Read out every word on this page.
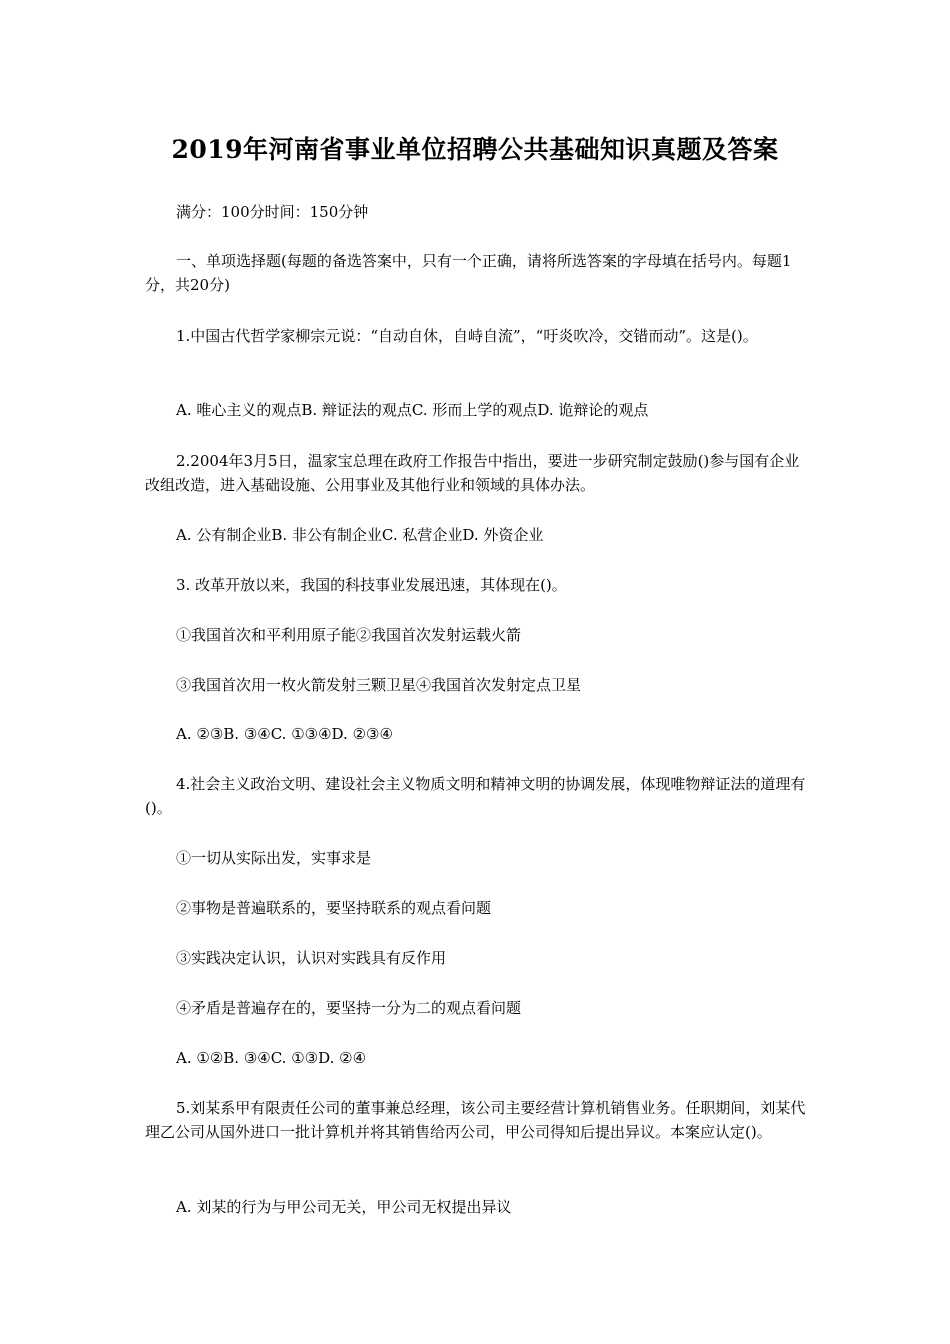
2019年河南省事业单位招聘公共基础知识真题及答案

满分：100分时间：150分钟

一、单项选择题(每题的备选答案中，只有一个正确，请将所选答案的字母填在括号内。每题1分，共20分)

1.中国古代哲学家柳宗元说：“自动自休，自峙自流”，“吁炎吹冷，交错而动”。这是()。

A. 唯心主义的观点B. 辩证法的观点C. 形而上学的观点D. 诡辩论的观点

2.2004年3月5日，温家宝总理在政府工作报告中指出，要进一步研究制定鼓励()参与国有企业改组改造，进入基础设施、公用事业及其他行业和领域的具体办法。

A. 公有制企业B. 非公有制企业C. 私营企业D. 外资企业

3. 改革开放以来，我国的科技事业发展迅速，其体现在()。

①我国首次和平利用原子能②我国首次发射运载火箭

③我国首次用一枚火箭发射三颗卫星④我国首次发射定点卫星

A. ②③B. ③④C. ①③④D. ②③④

4.社会主义政治文明、建设社会主义物质文明和精神文明的协调发展，体现唯物辩证法的道理有()。

①一切从实际出发，实事求是

②事物是普遍联系的，要坚持联系的观点看问题

③实践决定认识，认识对实践具有反作用

④矛盾是普遍存在的，要坚持一分为二的观点看问题

A. ①②B. ③④C. ①③D. ②④

5.刘某系甲有限责任公司的董事兼总经理，该公司主要经营计算机销售业务。任职期间，刘某代理乙公司从国外进口一批计算机并将其销售给丙公司，甲公司得知后提出异议。本案应认定()。

A. 刘某的行为与甲公司无关，甲公司无权提出异议
